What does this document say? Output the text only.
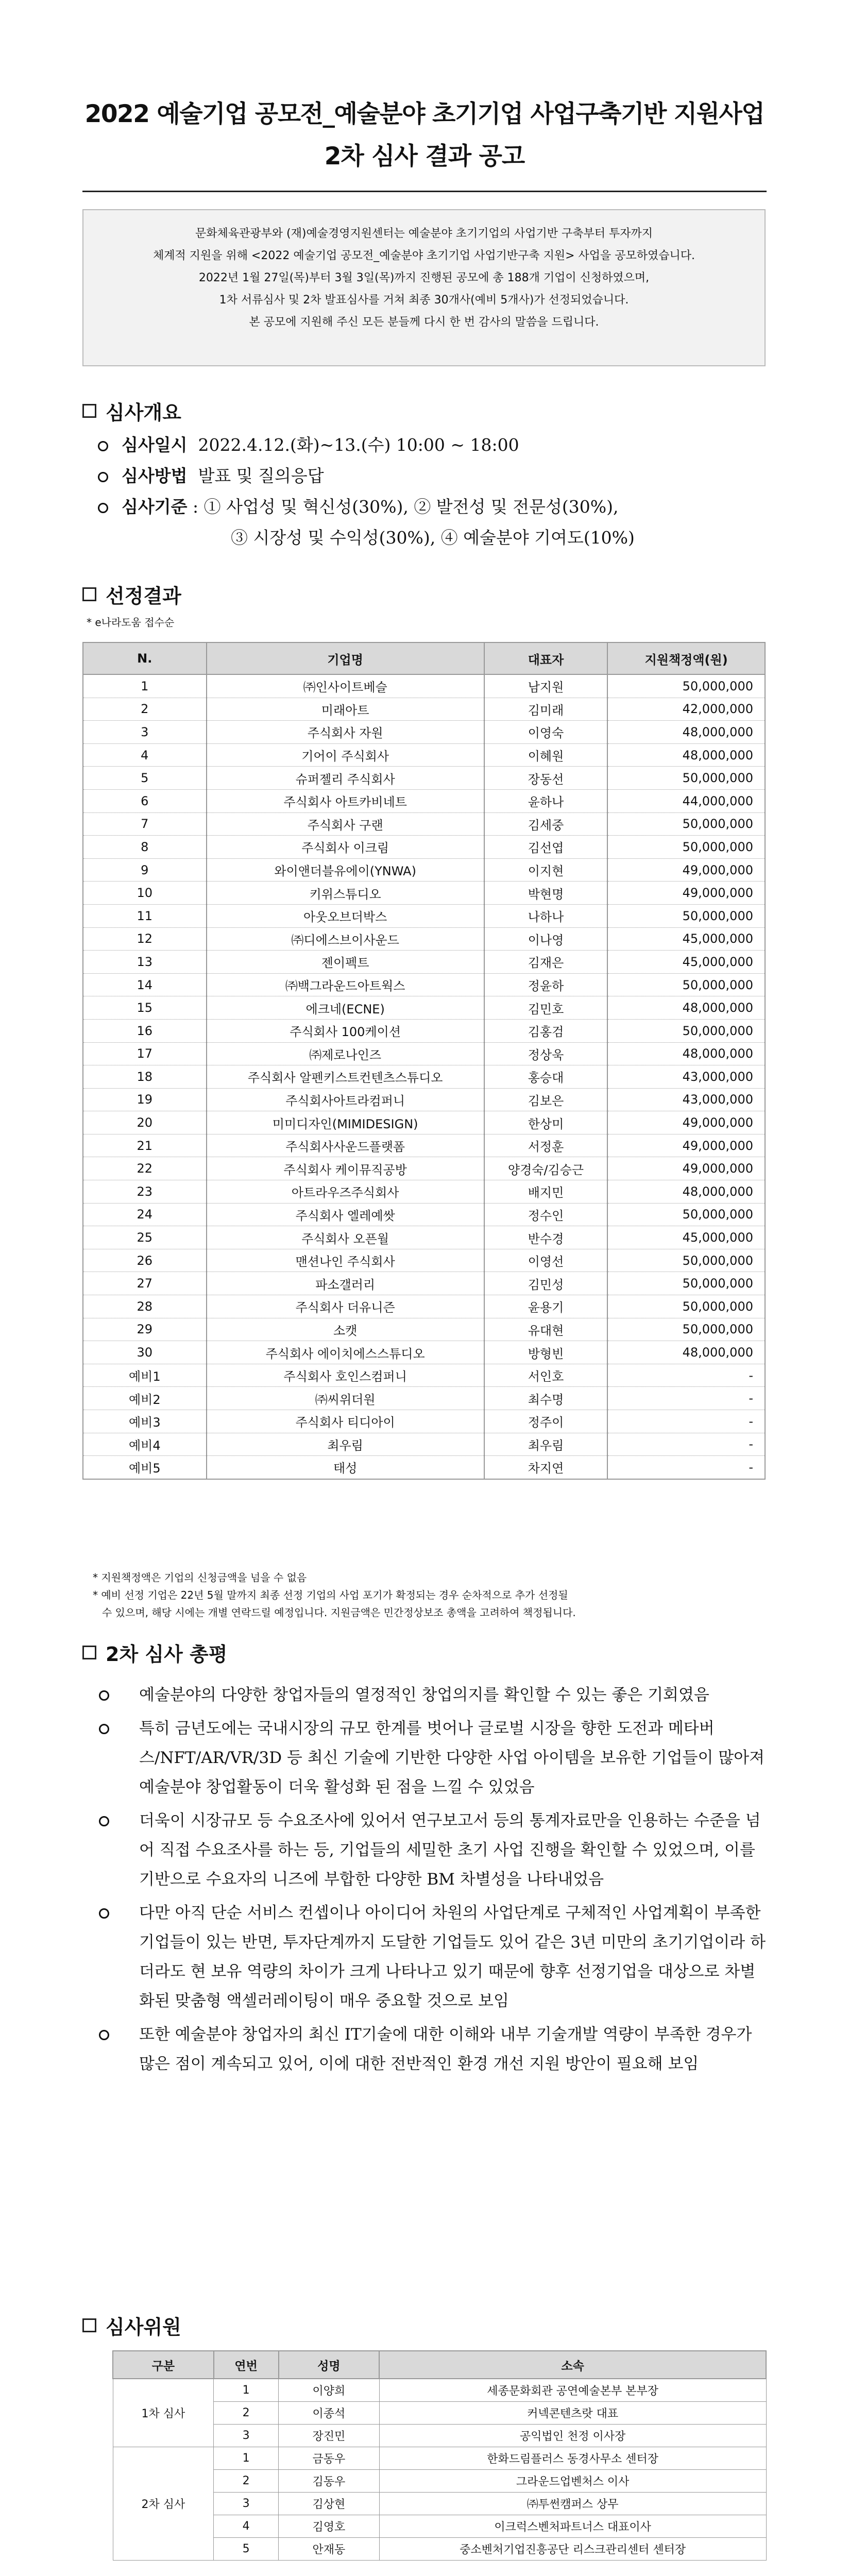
2022 예술기업 공모전_예술분야 초기기업 사업구축기반 지원사업
2차 심사 결과 공고

문화체육관광부와 (재)예술경영지원센터는 예술분야 초기기업의 사업기반 구축부터 투자까지

체계적 지원을 위해 <2022 예술기업 공모전_예술분야 초기기업 사업기반구축 지원> 사업을 공모하였습니다.

2022년 1월 27일(목)부터 3월 3일(목)까지 진행된 공모에 총 188개 기업이 신청하였으며,

1차 서류심사 및 2차 발표심사를 거쳐 최종 30개사(예비 5개사)가 선정되었습니다.

본 공모에 지원해 주신 모든 분들께 다시 한 번 감사의 말씀을 드립니다.

심사개요
심사일시 2022.4.12.(화)~13.(수) 10:00 ~ 18:00
심사방법 발표 및 질의응답
심사기준 : ① 사업성 및 혁신성(30%), ② 발전성 및 전문성(30%),
③ 시장성 및 수익성(30%), ④ 예술분야 기여도(10%)
선정결과
* e나라도움 접수순
N.	기업명	대표자	지원책정액(원)
1	㈜인사이트베슬	남지원	50,000,000
2	미래아트	김미래	42,000,000
3	주식회사 자원	이영숙	48,000,000
4	기어이 주식회사	이혜원	48,000,000
5	슈퍼젤리 주식회사	장동선	50,000,000
6	주식회사 아트카비네트	윤하나	44,000,000
7	주식회사 구랜	김세중	50,000,000
8	주식회사 이크림	김선엽	50,000,000
9	와이앤더블유에이(YNWA)	이지현	49,000,000
10	키위스튜디오	박현명	49,000,000
11	아웃오브더박스	나하나	50,000,000
12	㈜디에스브이사운드	이나영	45,000,000
13	젠이펙트	김재은	45,000,000
14	㈜백그라운드아트웍스	정윤하	50,000,000
15	에크네(ECNE)	김민호	48,000,000
16	주식회사 100케이션	김홍검	50,000,000
17	㈜제로나인즈	정상욱	48,000,000
18	주식회사 알펜키스트컨텐츠스튜디오	홍승대	43,000,000
19	주식회사아트라컴퍼니	김보은	43,000,000
20	미미디자인(MIMIDESIGN)	한상미	49,000,000
21	주식회사사운드플랫폼	서정훈	49,000,000
22	주식회사 케이뮤직공방	양경숙/김승근	49,000,000
23	아트라우즈주식회사	배지민	48,000,000
24	주식회사 엘레예쌋	정수인	50,000,000
25	주식회사 오픈월	반수경	45,000,000
26	맨션나인 주식회사	이영선	50,000,000
27	파소갤러리	김민성	50,000,000
28	주식회사 더유니즌	윤용기	50,000,000
29	소캣	유대현	50,000,000
30	주식회사 에이치에스스튜디오	방형빈	48,000,000
예비1	주식회사 호인스컴퍼니	서인호	-
예비2	㈜씨위더원	최수명	-
예비3	주식회사 티디아이	정주이	-
예비4	최우림	최우림	-
예비5	태성	차지연	-

* 지원책정액은 기업의 신청금액을 넘을 수 없음

* 예비 선정 기업은 22년 5월 말까지 최종 선정 기업의 사업 포기가 확정되는 경우 순차적으로 추가 선정될

수 있으며, 해당 시에는 개별 연락드릴 예정입니다. 지원금액은 민간정상보조 총액을 고려하여 책정됩니다.

2차 심사 총평
예술분야의 다양한 창업자들의 열정적인 창업의지를 확인할 수 있는 좋은 기회였음
특히 금년도에는 국내시장의 규모 한계를 벗어나 글로벌 시장을 향한 도전과 메타버스/NFT/AR/VR/3D 등 최신 기술에 기반한 다양한 사업 아이템을 보유한 기업들이 많아져 예술분야 창업활동이 더욱 활성화 된 점을 느낄 수 있었음
더욱이 시장규모 등 수요조사에 있어서 연구보고서 등의 통계자료만을 인용하는 수준을 넘어 직접 수요조사를 하는 등, 기업들의 세밀한 초기 사업 진행을 확인할 수 있었으며, 이를 기반으로 수요자의 니즈에 부합한 다양한 BM 차별성을 나타내었음
다만 아직 단순 서비스 컨셉이나 아이디어 차원의 사업단계로 구체적인 사업계획이 부족한 기업들이 있는 반면, 투자단계까지 도달한 기업들도 있어 같은 3년 미만의 초기기업이라 하더라도 현 보유 역량의 차이가 크게 나타나고 있기 때문에 향후 선정기업을 대상으로 차별화된 맞춤형 액셀러레이팅이 매우 중요할 것으로 보임
또한 예술분야 창업자의 최신 IT기술에 대한 이해와 내부 기술개발 역량이 부족한 경우가 많은 점이 계속되고 있어, 이에 대한 전반적인 환경 개선 지원 방안이 필요해 보임
심사위원
구분	연번	성명	소속
1차 심사	1	이양희	세종문화회관 공연예술본부 본부장
	2	이종석	커넥콘텐츠랏 대표
	3	장진민	공익법인 천정 이사장
2차 심사	1	금동우	한화드림플러스 동경사무소 센터장
	2	김동우	그라운드업벤처스 이사
	3	김상현	㈜투썬캠퍼스 상무
	4	김영호	이크럭스벤처파트너스 대표이사
	5	안재동	중소벤처기업진흥공단 리스크관리센터 센터장
